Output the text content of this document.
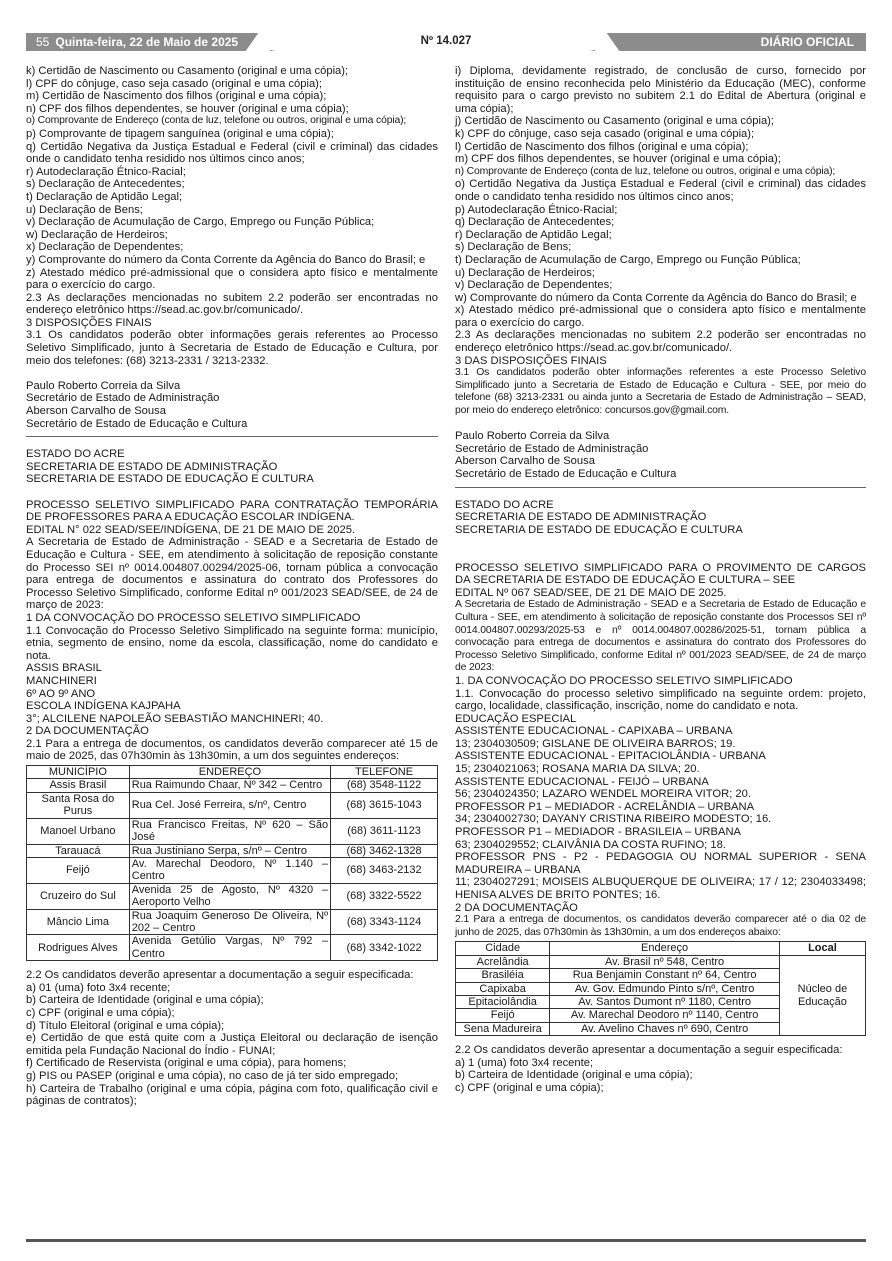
55 Quinta-feira, 22 de Maio de 2025	Nº 14.027	DIÁRIO OFICIAL

k) Certidão de Nascimento ou Casamento (original e uma cópia);

l) CPF do cônjuge, caso seja casado (original e uma cópia);

m) Certidão de Nascimento dos filhos (original e uma cópia);

n) CPF dos filhos dependentes, se houver (original e uma cópia);

o) Comprovante de Endereço (conta de luz, telefone ou outros, original e uma cópia);

p) Comprovante de tipagem sanguínea (original e uma cópia);

q) Certidão Negativa da Justiça Estadual e Federal (civil e criminal) das cidades onde o candidato tenha residido nos últimos cinco anos;

r) Autodeclaração Étnico-Racial;

s) Declaração de Antecedentes;

t) Declaração de Aptidão Legal;

u) Declaração de Bens;

v) Declaração de Acumulação de Cargo, Emprego ou Função Pública;

w) Declaração de Herdeiros;

x) Declaração de Dependentes;

y) Comprovante do número da Conta Corrente da Agência do Banco do Brasil; e

z) Atestado médico pré-admissional que o considera apto físico e mentalmente para o exercício do cargo.

2.3 As declarações mencionadas no subitem 2.2 poderão ser encontradas no endereço eletrônico https://sead.ac.gov.br/comunicado/.

3 DISPOSIÇÕES FINAIS

3.1 Os candidatos poderão obter informações gerais referentes ao Processo Seletivo Simplificado, junto à Secretaria de Estado de Educação e Cultura, por meio dos telefones: (68) 3213-2331 / 3213-2332.

Paulo Roberto Correia da Silva

Secretário de Estado de Administração

Aberson Carvalho de Sousa

Secretário de Estado de Educação e Cultura

ESTADO DO ACRE

SECRETARIA DE ESTADO DE ADMINISTRAÇÃO

SECRETARIA DE ESTADO DE EDUCAÇÃO E CULTURA

PROCESSO SELETIVO SIMPLIFICADO PARA CONTRATAÇÃO TEMPORÁRIA DE PROFESSORES PARA A EDUCAÇÃO ESCOLAR INDÍGENA.

EDITAL N° 022 SEAD/SEE/INDÍGENA, DE 21 DE MAIO DE 2025.

A Secretaria de Estado de Administração - SEAD e a Secretaria de Estado de Educação e Cultura - SEE, em atendimento à solicitação de reposição constante do Processo SEI nº 0014.004807.00294/2025-06, tornam pública a convocação para entrega de documentos e assinatura do contrato dos Professores do Processo Seletivo Simplificado, conforme Edital nº 001/2023 SEAD/SEE, de 24 de março de 2023:

1 DA CONVOCAÇÃO DO PROCESSO SELETIVO SIMPLIFICADO

1.1 Convocação do Processo Seletivo Simplificado na seguinte forma: município, etnia, segmento de ensino, nome da escola, classificação, nome do candidato e nota.

ASSIS BRASIL

MANCHINERI

6º AO 9º ANO

ESCOLA INDÍGENA KAJPAHA

3°; ALCILENE NAPOLEÃO SEBASTIÃO MANCHINERI; 40.

2 DA DOCUMENTAÇÃO

2.1 Para a entrega de documentos, os candidatos deverão comparecer até 15 de maio de 2025, das 07h30min às 13h30min, a um dos seguintes endereços:

MUNICÍPIO	ENDEREÇO	TELEFONE
Assis Brasil	Rua Raimundo Chaar, Nº 342 – Centro	(68) 3548-1122
Santa Rosa do Purus	Rua Cel. José Ferreira, s/nº, Centro	(68) 3615-1043
Manoel Urbano	Rua Francisco Freitas, Nº 620 – São José	(68) 3611-1123
Tarauacá	Rua Justiniano Serpa, s/nº – Centro	(68) 3462-1328
Feijó	Av. Marechal Deodoro, Nº 1.140 – Centro	(68) 3463-2132
Cruzeiro do Sul	Avenida 25 de Agosto, Nº 4320 – Aeroporto Velho	(68) 3322-5522
Mâncio Lima	Rua Joaquim Generoso De Oliveira, Nº 202 – Centro	(68) 3343-1124
Rodrigues Alves	Avenida Getúlio Vargas, Nº 792 – Centro	(68) 3342-1022

2.2 Os candidatos deverão apresentar a documentação a seguir especificada:

a) 01 (uma) foto 3x4 recente;

b) Carteira de Identidade (original e uma cópia);

c) CPF (original e uma cópia);

d) Título Eleitoral (original e uma cópia);

e) Certidão de que está quite com a Justiça Eleitoral ou declaração de isenção emitida pela Fundação Nacional do Índio - FUNAI;

f) Certificado de Reservista (original e uma cópia), para homens;

g) PIS ou PASEP (original e uma cópia), no caso de já ter sido empregado;

h) Carteira de Trabalho (original e uma cópia, página com foto, qualificação civil e páginas de contratos);

i) Diploma, devidamente registrado, de conclusão de curso, fornecido por instituição de ensino reconhecida pelo Ministério da Educação (MEC), conforme requisito para o cargo previsto no subitem 2.1 do Edital de Abertura (original e uma cópia);

j) Certidão de Nascimento ou Casamento (original e uma cópia);

k) CPF do cônjuge, caso seja casado (original e uma cópia);

l) Certidão de Nascimento dos filhos (original e uma cópia);

m) CPF dos filhos dependentes, se houver (original e uma cópia);

n) Comprovante de Endereço (conta de luz, telefone ou outros, original e uma cópia);

o) Certidão Negativa da Justiça Estadual e Federal (civil e criminal) das cidades onde o candidato tenha residido nos últimos cinco anos;

p) Autodeclaração Étnico-Racial;

q) Declaração de Antecedentes;

r) Declaração de Aptidão Legal;

s) Declaração de Bens;

t) Declaração de Acumulação de Cargo, Emprego ou Função Pública;

u) Declaração de Herdeiros;

v) Declaração de Dependentes;

w) Comprovante do número da Conta Corrente da Agência do Banco do Brasil; e

x) Atestado médico pré-admissional que o considera apto físico e mentalmente para o exercício do cargo.

2.3 As declarações mencionadas no subitem 2.2 poderão ser encontradas no endereço eletrônico https://sead.ac.gov.br/comunicado/.

3 DAS DISPOSIÇÕES FINAIS

3.1 Os candidatos poderão obter informações referentes a este Processo Seletivo Simplificado junto a Secretaria de Estado de Educação e Cultura - SEE, por meio do telefone (68) 3213-2331 ou ainda junto a Secretaria de Estado de Administração – SEAD, por meio do endereço eletrônico: concursos.gov@gmail.com.

Paulo Roberto Correia da Silva

Secretário de Estado de Administração

Aberson Carvalho de Sousa

Secretário de Estado de Educação e Cultura

ESTADO DO ACRE

SECRETARIA DE ESTADO DE ADMINISTRAÇÃO

SECRETARIA DE ESTADO DE EDUCAÇÃO E CULTURA

PROCESSO SELETIVO SIMPLIFICADO PARA O PROVIMENTO DE CARGOS DA SECRETARIA DE ESTADO DE EDUCAÇÃO E CULTURA – SEE

EDITAL Nº 067 SEAD/SEE, DE 21 DE MAIO DE 2025.

A Secretaria de Estado de Administração - SEAD e a Secretaria de Estado de Educação e Cultura - SEE, em atendimento à solicitação de reposição constante dos Processos SEI nº 0014.004807.00293/2025-53 e nº 0014.004807.00286/2025-51, tornam pública a convocação para entrega de documentos e assinatura do contrato dos Professores do Processo Seletivo Simplificado, conforme Edital nº 001/2023 SEAD/SEE, de 24 de março de 2023:

1. DA CONVOCAÇÃO DO PROCESSO SELETIVO SIMPLIFICADO

1.1. Convocação do processo seletivo simplificado na seguinte ordem: projeto, cargo, localidade, classificação, inscrição, nome do candidato e nota.

EDUCAÇÃO ESPECIAL

ASSISTENTE EDUCACIONAL - CAPIXABA – URBANA

13; 2304030509; GISLANE DE OLIVEIRA BARROS; 19.

ASSISTENTE EDUCACIONAL - EPITACIOLÂNDIA - URBANA

15; 2304021063; ROSANA MARIA DA SILVA; 20.

ASSISTENTE EDUCACIONAL - FEIJÓ – URBANA

56; 2304024350; LAZARO WENDEL MOREIRA VITOR; 20.

PROFESSOR P1 – MEDIADOR - ACRELÂNDIA – URBANA

34; 2304002730; DAYANY CRISTINA RIBEIRO MODESTO; 16.

PROFESSOR P1 – MEDIADOR - BRASILEIA – URBANA

63; 2304029552; CLAIVÂNIA DA COSTA RUFINO; 18.

PROFESSOR PNS - P2 - PEDAGOGIA OU NORMAL SUPERIOR - SENA MADUREIRA – URBANA

11; 2304027291; MOISEIS ALBUQUERQUE DE OLIVEIRA; 17 / 12; 2304033498; HENISA ALVES DE BRITO PONTES; 16.

2 DA DOCUMENTAÇÃO

2.1 Para a entrega de documentos, os candidatos deverão comparecer até o dia 02 de junho de 2025, das 07h30min às 13h30min, a um dos endereços abaixo:

Cidade	Endereço	Local
Acrelândia	Av. Brasil nº 548, Centro	Núcleo de Educação
Brasiléia	Rua Benjamin Constant nº 64, Centro	
Capixaba	Av. Gov. Edmundo Pinto s/nº, Centro	
Epitaciolândia	Av. Santos Dumont nº 1180, Centro	
Feijó	Av. Marechal Deodoro nº 1140, Centro	
Sena Madureira	Av. Avelino Chaves nº 690, Centro	

2.2 Os candidatos deverão apresentar a documentação a seguir especificada:

a) 1 (uma) foto 3x4 recente;

b) Carteira de Identidade (original e uma cópia);

c) CPF (original e uma cópia);
